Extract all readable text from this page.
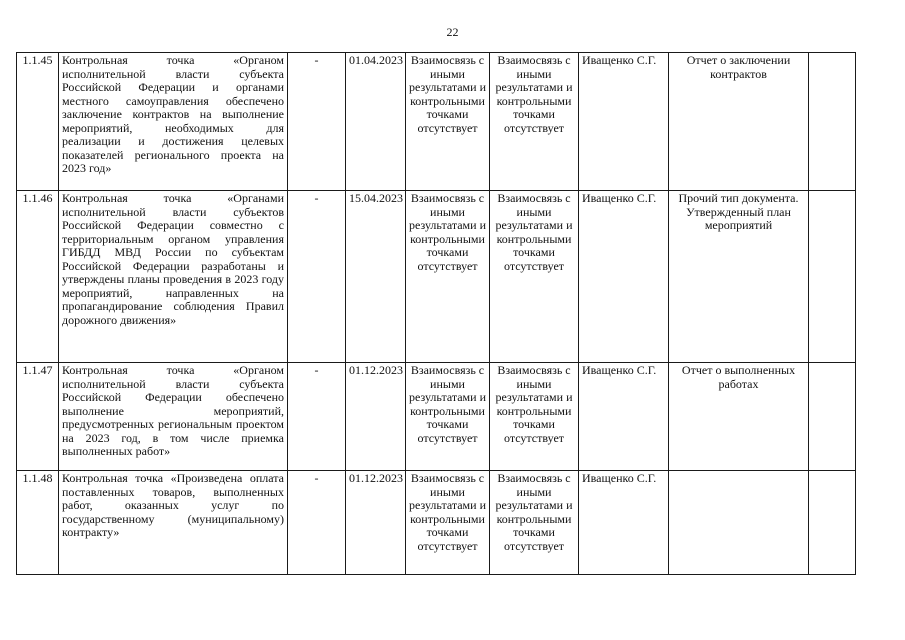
22
1.1.45	Контрольная точка «Органом исполнительной власти субъекта Российской Федерации и органами местного самоуправления обеспечено заключение контрактов на выполнение мероприятий, необходимых для реализации и достижения целевых показателей регионального проекта на 2023 год»	-	01.04.2023	Взаимосвязь с иными результатами и контрольными точками отсутствует	Взаимосвязь с иными результатами и контрольными точками отсутствует	Иващенко С.Г.	Отчет о заключении контрактов	
1.1.46	Контрольная точка «Органами исполнительной власти субъектов Российской Федерации совместно с территориальным органом управления ГИБДД МВД России по субъектам Российской Федерации разработаны и утверждены планы проведения в 2023 году мероприятий, направленных на пропагандирование соблюдения Правил дорожного движения»	-	15.04.2023	Взаимосвязь с иными результатами и контрольными точками отсутствует	Взаимосвязь с иными результатами и контрольными точками отсутствует	Иващенко С.Г.	Прочий тип документа. Утвержденный план мероприятий	
1.1.47	Контрольная точка «Органом исполнительной власти субъекта Российской Федерации обеспечено выполнение мероприятий, предусмотренных региональным проектом на 2023 год, в том числе приемка выполненных работ»	-	01.12.2023	Взаимосвязь с иными результатами и контрольными точками отсутствует	Взаимосвязь с иными результатами и контрольными точками отсутствует	Иващенко С.Г.	Отчет о выполненных работах	
1.1.48	Контрольная точка «Произведена оплата поставленных товаров, выполненных работ, оказанных услуг по государственному (муниципальному) контракту»	-	01.12.2023	Взаимосвязь с иными результатами и контрольными точками отсутствует	Взаимосвязь с иными результатами и контрольными точками отсутствует	Иващенко С.Г.		
